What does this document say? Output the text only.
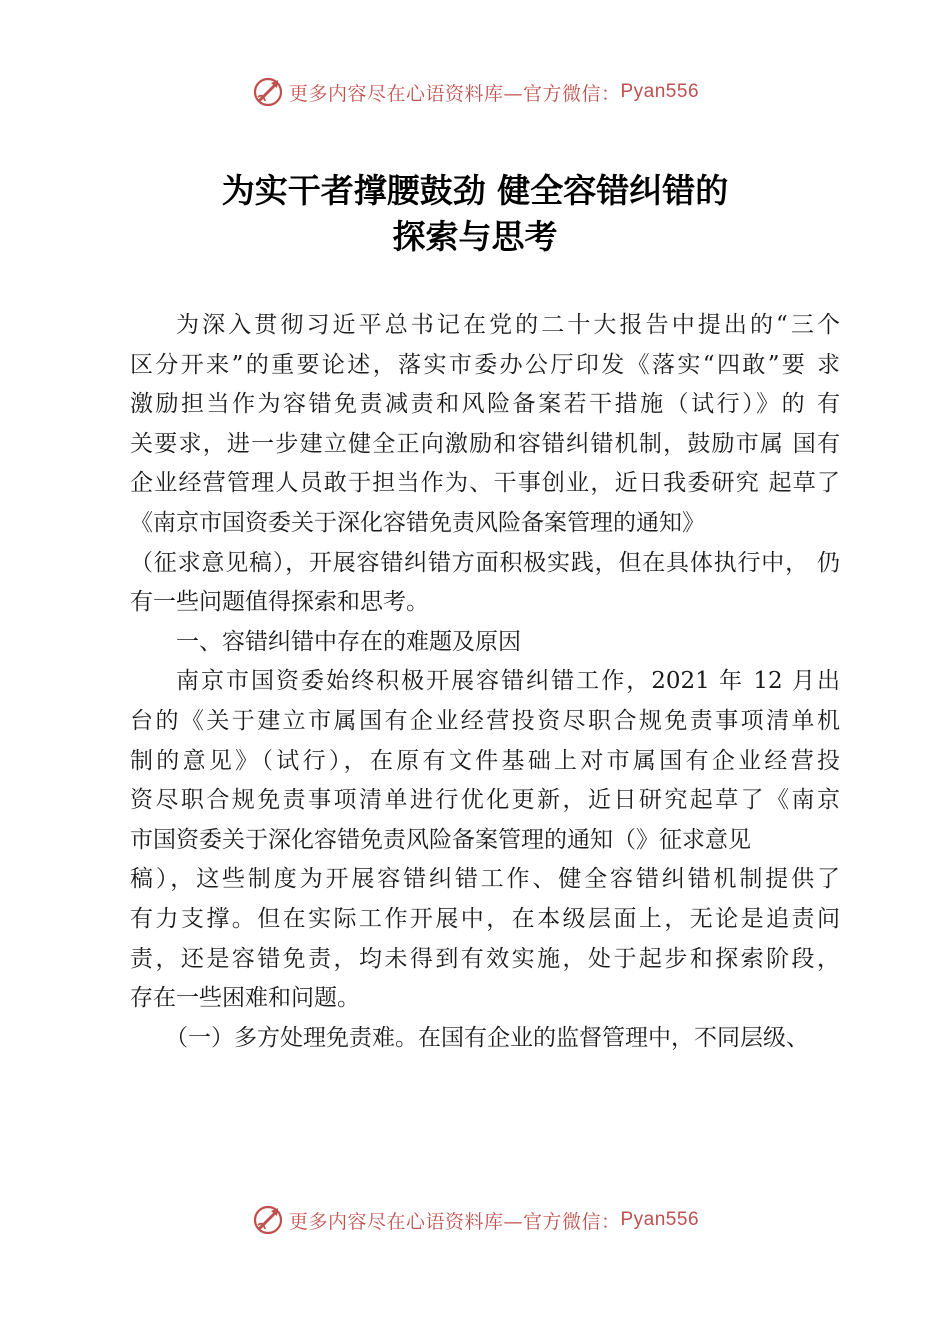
更多内容尽在心语资料库—官方微信： Pyan556
为实干者撑腰鼓劲 健全容错纠错的
探索与思考
为深入贯彻习近平总书记在党的二十大报告中提出的“三个
区分开来”的重要论述，落实市委办公厅印发《落实“四敢”要 求
激励担当作为容错免责减责和风险备案若干措施（试行）》的 有
关要求，进一步建立健全正向激励和容错纠错机制，鼓励市属 国有
企业经营管理人员敢于担当作为、干事创业，近日我委研究 起草了
《南京市国资委关于深化容错免责风险备案管理的通知》
（征求意见稿），开展容错纠错方面积极实践，但在具体执行中， 仍
有一些问题值得探索和思考。
一、容错纠错中存在的难题及原因
南京市国资委始终积极开展容错纠错工作，2021 年 12 月出
台的《关于建立市属国有企业经营投资尽职合规免责事项清单机
制的意见》（试行），在原有文件基础上对市属国有企业经营投
资尽职合规免责事项清单进行优化更新，近日研究起草了《南京
市国资委关于深化容错免责风险备案管理的通知（》征求意见
稿），这些制度为开展容错纠错工作、健全容错纠错机制提供了
有力支撑。但在实际工作开展中，在本级层面上，无论是追责问
责，还是容错免责，均未得到有效实施，处于起步和探索阶段，
存在一些困难和问题。
（一）多方处理免责难。在国有企业的监督管理中，不同层级、
更多内容尽在心语资料库—官方微信： Pyan556
